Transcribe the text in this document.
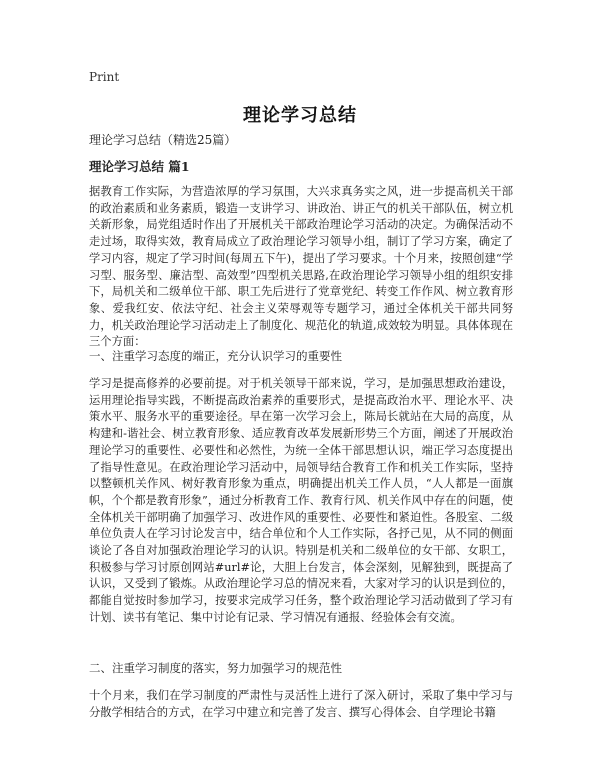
Print
理论学习总结
理论学习总结（精选25篇）
理论学习总结 篇1

据教育工作实际，为营造浓厚的学习氛围，大兴求真务实之风，进一步提高机关干部的政治素质和业务素质，锻造一支讲学习、讲政治、讲正气的机关干部队伍，树立机关新形象，局党组适时作出了开展机关干部政治理论学习活动的决定。为确保活动不走过场，取得实效，教育局成立了政治理论学习领导小组，制订了学习方案，确定了学习内容，规定了学习时间(每周五下午)，提出了学习要求。十个月来，按照创建“学习型、服务型、廉洁型、高效型”四型机关思路,在政治理论学习领导小组的组织安排下，局机关和二级单位干部、职工先后进行了党章党纪、转变工作作风、树立教育形象、爱我红安、依法守纪、社会主义荣辱观等专题学习，通过全体机关干部共同努力，机关政治理论学习活动走上了制度化、规范化的轨道,成效较为明显。具体体现在三个方面：

一、注重学习态度的端正，充分认识学习的重要性

学习是提高修养的必要前提。对于机关领导干部来说，学习，是加强思想政治建设，运用理论指导实践，不断提高政治素养的重要形式，是提高政治水平、理论水平、决策水平、服务水平的重要途径。早在第一次学习会上，陈局长就站在大局的高度，从构建和-谐社会、树立教育形象、适应教育改革发展新形势三个方面，阐述了开展政治理论学习的重要性、必要性和必然性，为统一全体干部思想认识，端正学习态度提出了指导性意见。在政治理论学习活动中，局领导结合教育工作和机关工作实际，坚持以整顿机关作风、树好教育形象为重点，明确提出机关工作人员，“人人都是一面旗帜，个个都是教育形象”，通过分析教育工作、教育行风、机关作风中存在的问题，使全体机关干部明确了加强学习、改进作风的重要性、必要性和紧迫性。各股室、二级单位负责人在学习讨论发言中，结合单位和个人工作实际，各抒己见，从不同的侧面谈论了各自对加强政治理论学习的认识。特别是机关和二级单位的女干部、女职工，积极参与学习讨原创网站#url#论，大胆上台发言，体会深刻，见解独到，既提高了认识，又受到了锻炼。从政治理论学习总的情况来看，大家对学习的认识是到位的，都能自觉按时参加学习，按要求完成学习任务，整个政治理论学习活动做到了学习有计划、读书有笔记、集中讨论有记录、学习情况有通报、经验体会有交流。

二、注重学习制度的落实，努力加强学习的规范性

十个月来，我们在学习制度的严肃性与灵活性上进行了深入研讨，采取了集中学习与分散学相结合的方式，在学习中建立和完善了发言、撰写心得体会、自学理论书籍
